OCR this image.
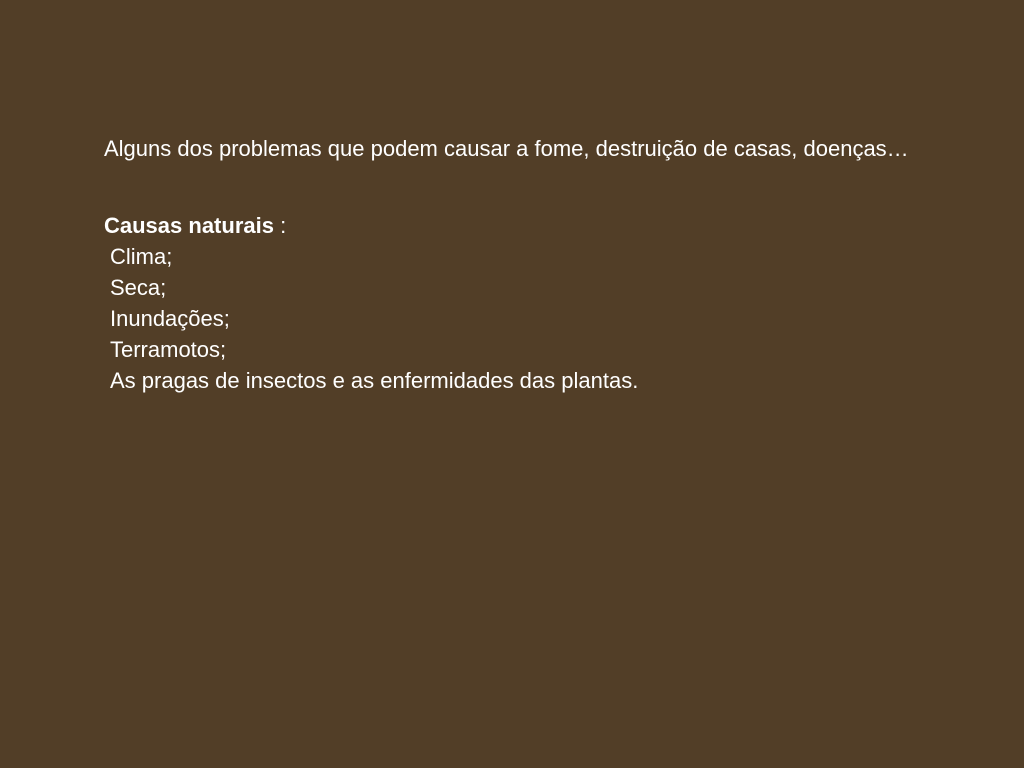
Alguns dos problemas que podem causar a fome, destruição de casas, doenças…

Causas naturais :

Clima;
Seca;
Inundações;
Terramotos;
As pragas de insectos e as enfermidades das plantas.
